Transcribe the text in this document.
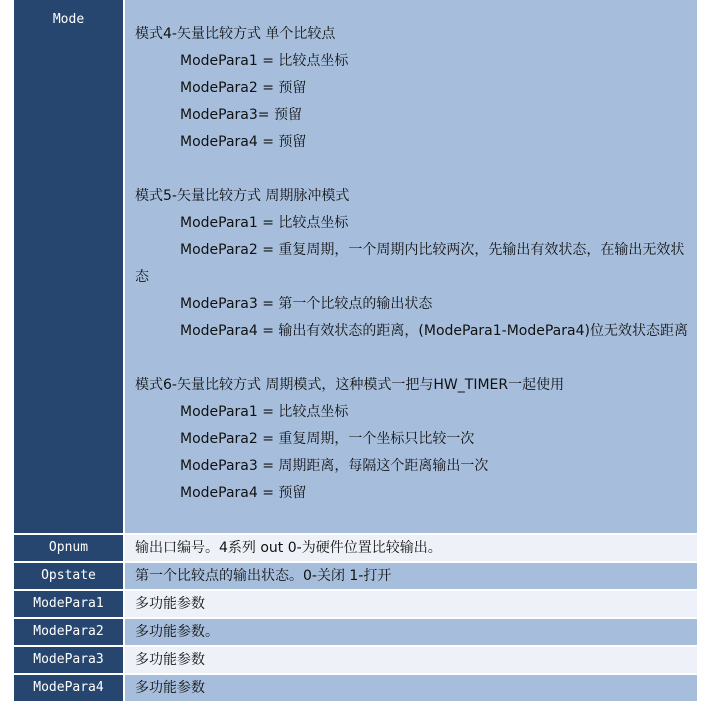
Mode
模式4-矢量比较方式 单个比较点
ModePara1 = 比较点坐标
ModePara2 = 预留
ModePara3= 预留
ModePara4 = 预留
模式5-矢量比较方式 周期脉冲模式
ModePara1 = 比较点坐标
ModePara2 = 重复周期，一个周期内比较两次，先输出有效状态，在输出无效状态
ModePara3 = 第一个比较点的输出状态
ModePara4 = 输出有效状态的距离，(ModePara1-ModePara4)位无效状态距离
模式6-矢量比较方式 周期模式，这种模式一把与HW_TIMER一起使用
ModePara1 = 比较点坐标
ModePara2 = 重复周期，一个坐标只比较一次
ModePara3 = 周期距离，每隔这个距离输出一次
ModePara4 = 预留
Opnum	输出口编号。4系列 out 0-为硬件位置比较输出。
Opstate	第一个比较点的输出状态。0-关闭 1-打开
ModePara1	多功能参数
ModePara2	多功能参数。
ModePara3	多功能参数
ModePara4	多功能参数
